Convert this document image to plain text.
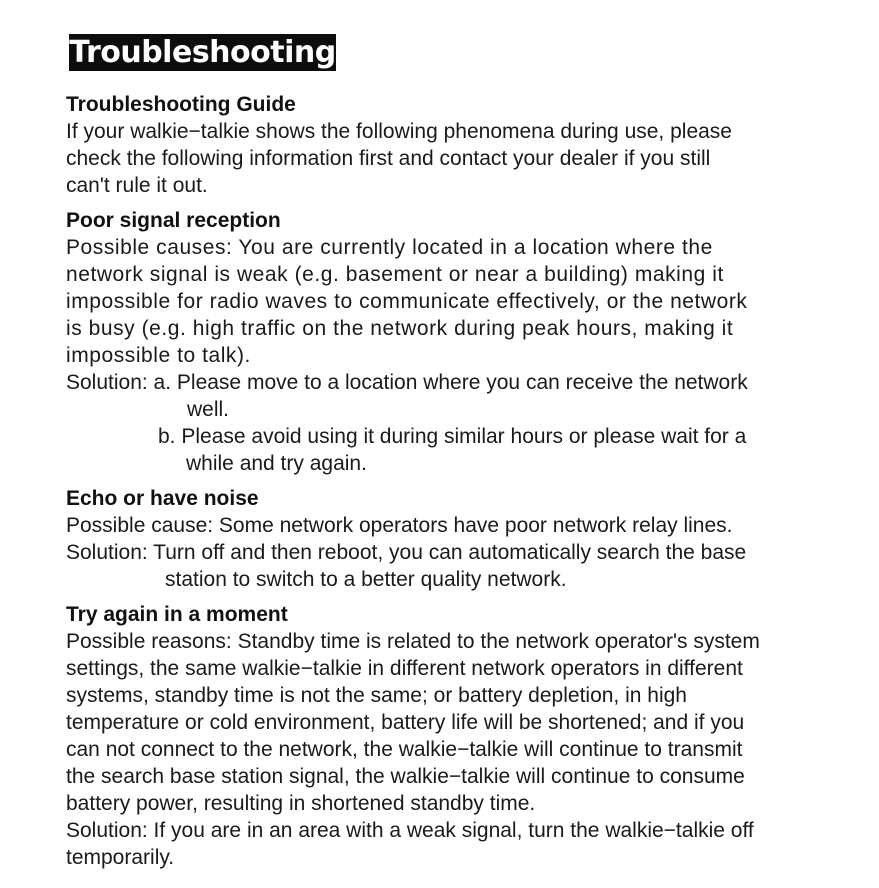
Troubleshooting
Troubleshooting Guide

If your walkie−talkie shows the following phenomena during use, please

check the following information first and contact your dealer if you still

can't rule it out.

Poor signal reception

Possible causes: You are currently located in a location where the

network signal is weak (e.g. basement or near a building) making it

impossible for radio waves to communicate effectively, or the network

is busy (e.g. high traffic on the network during peak hours, making it

impossible to talk).

Solution: a. Please move to a location where you can receive the network

well.

b. Please avoid using it during similar hours or please wait for a
while and try again.

Echo or have noise

Possible cause: Some network operators have poor network relay lines.

Solution: Turn off and then reboot, you can automatically search the base

station to switch to a better quality network.

Try again in a moment

Possible reasons: Standby time is related to the network operator's system

settings, the same walkie−talkie in different network operators in different

systems, standby time is not the same; or battery depletion, in high

temperature or cold environment, battery life will be shortened; and if you

can not connect to the network, the walkie−talkie will continue to transmit

the search base station signal, the walkie−talkie will continue to consume

battery power, resulting in shortened standby time.

Solution: If you are in an area with a weak signal, turn the walkie−talkie off

temporarily.
